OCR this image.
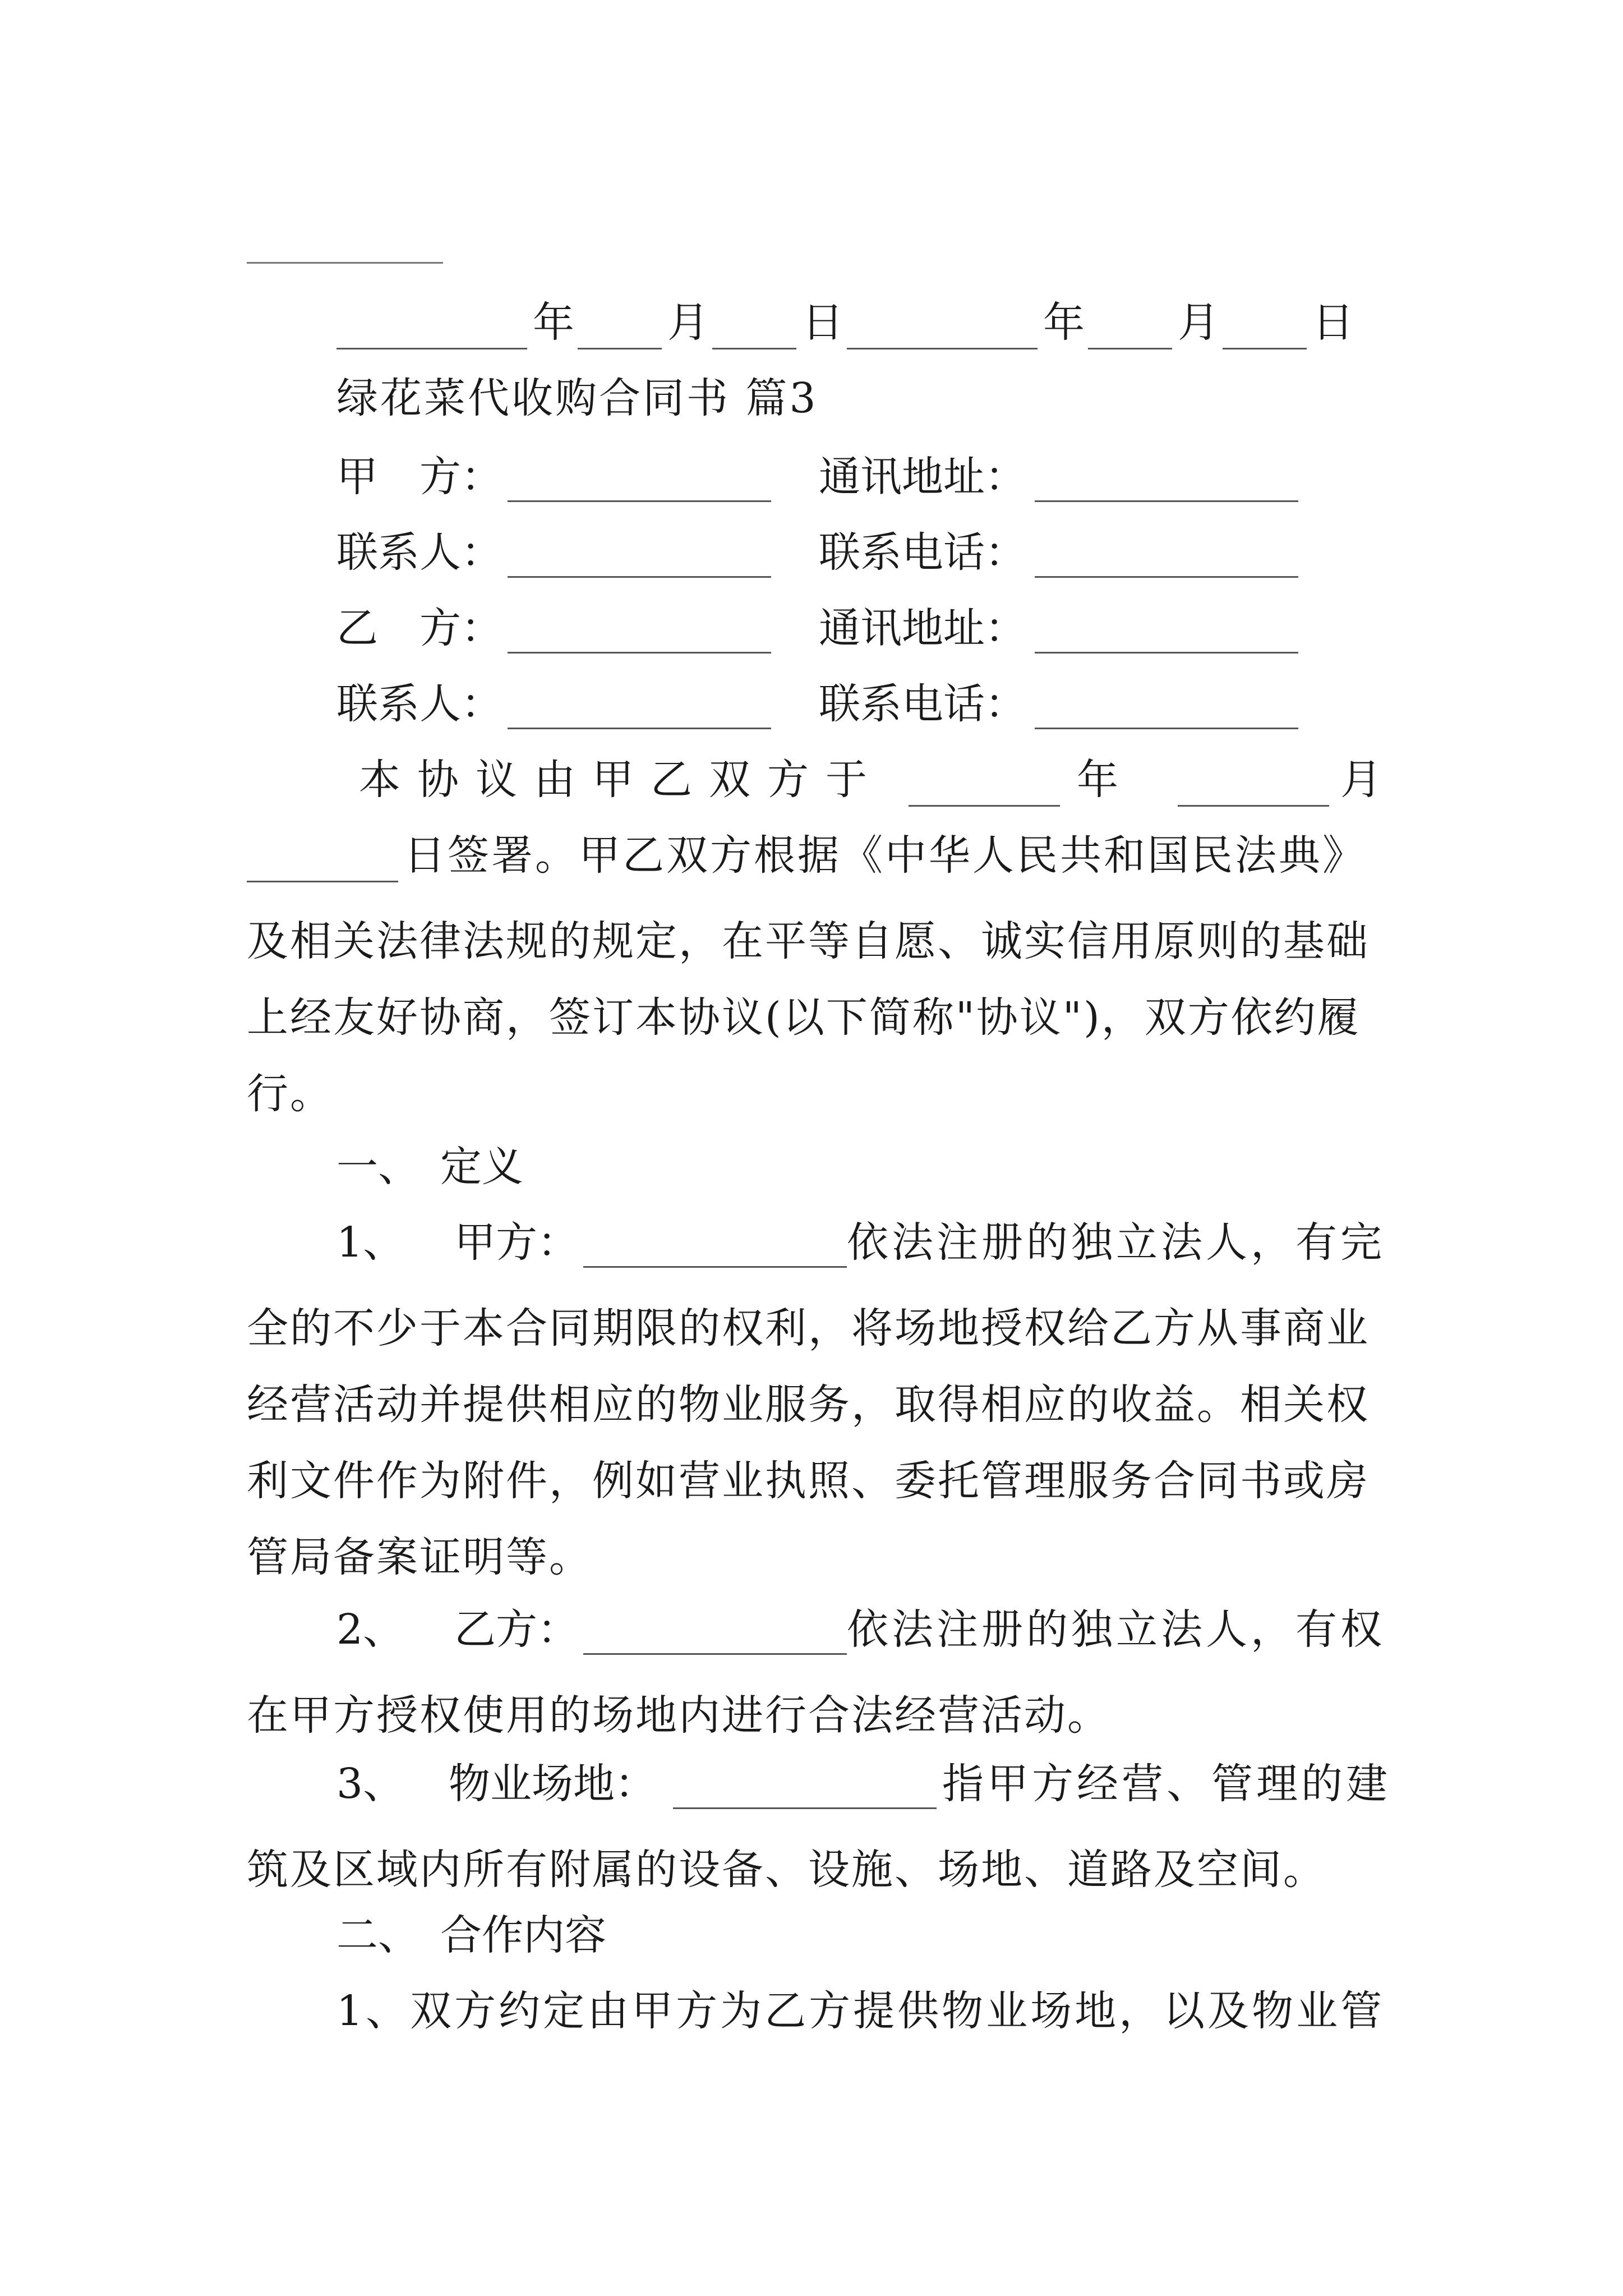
年 月 日	年 月 日
绿花菜代收购合同书 篇3
甲　方：	通讯地址：
联系人：	联系电话：
乙　方：	通讯地址：
联系人：	联系电话：
本协议由甲乙双方于	年	月
日签署。甲乙双方根据《中华人民共和国民法典》
及相关法律法规的规定，在平等自愿、诚实信用原则的基础
上经友好协商，签订本协议(以下简称"协议")，双方依约履
行。
一、　定义
1、 甲方：	依法注册的独立法人，有完
全的不少于本合同期限的权利，将场地授权给乙方从事商业
经营活动并提供相应的物业服务，取得相应的收益。相关权
利文件作为附件，例如营业执照、委托管理服务合同书或房
管局备案证明等。
2、 乙方：	依法注册的独立法人，有权
在甲方授权使用的场地内进行合法经营活动。
3、 物业场地：	指甲方经营、管理的建
筑及区域内所有附属的设备、设施、场地、道路及空间。
二、　合作内容
1、双方约定由甲方为乙方提供物业场地，以及物业管
